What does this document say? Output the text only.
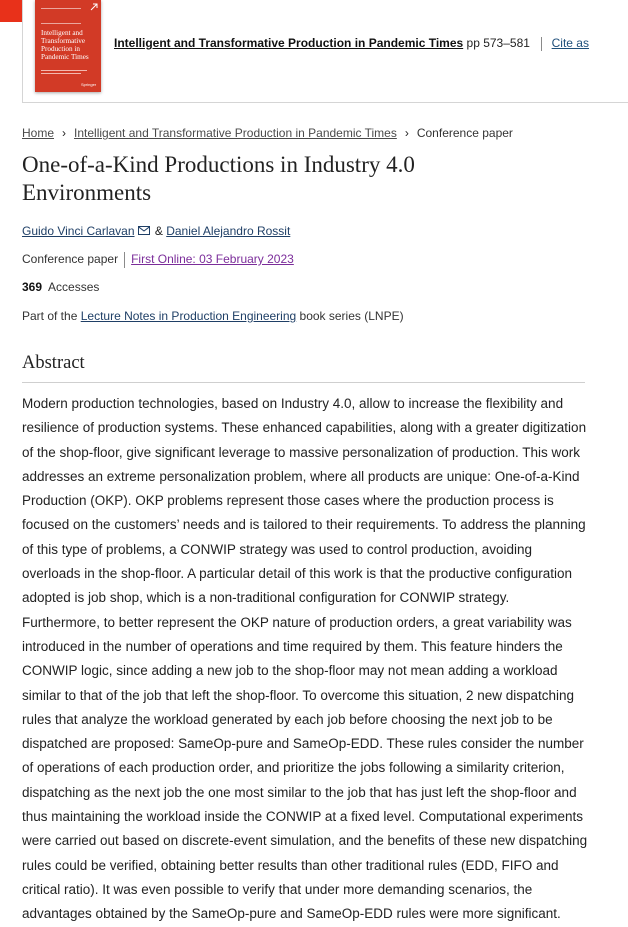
Intelligent and Transformative Production in Pandemic Times
Springer
Intelligent and Transformative Production in Pandemic Times pp 573–581 Cite as
Home › Intelligent and Transformative Production in Pandemic Times › Conference paper
One-of-a-Kind Productions in Industry 4.0 Environments
Guido Vinci Carlavan & Daniel Alejandro Rossit
Conference paper First Online: 03 February 2023
369 Accesses
Part of the Lecture Notes in Production Engineering book series (LNPE)
Abstract

Modern production technologies, based on Industry 4.0, allow to increase the flexibility and resilience of production systems. These enhanced capabilities, along with a greater digitization of the shop-floor, give significant leverage to massive personalization of production. This work addresses an extreme personalization problem, where all products are unique: One-of-a-Kind Production (OKP). OKP problems represent those cases where the production process is focused on the customers’ needs and is tailored to their requirements. To address the planning of this type of problems, a CONWIP strategy was used to control production, avoiding overloads in the shop-floor. A particular detail of this work is that the productive configuration adopted is job shop, which is a non-traditional configuration for CONWIP strategy. Furthermore, to better represent the OKP nature of production orders, a great variability was introduced in the number of operations and time required by them. This feature hinders the CONWIP logic, since adding a new job to the shop-floor may not mean adding a workload similar to that of the job that left the shop-floor. To overcome this situation, 2 new dispatching rules that analyze the workload generated by each job before choosing the next job to be dispatched are proposed: SameOp-pure and SameOp-EDD. These rules consider the number of operations of each production order, and prioritize the jobs following a similarity criterion, dispatching as the next job the one most similar to the job that has just left the shop-floor and thus maintaining the workload inside the CONWIP at a fixed level. Computational experiments were carried out based on discrete-event simulation, and the benefits of these new dispatching rules could be verified, obtaining better results than other traditional rules (EDD, FIFO and critical ratio). It was even possible to verify that under more demanding scenarios, the advantages obtained by the SameOp-pure and SameOp-EDD rules were more significant.
